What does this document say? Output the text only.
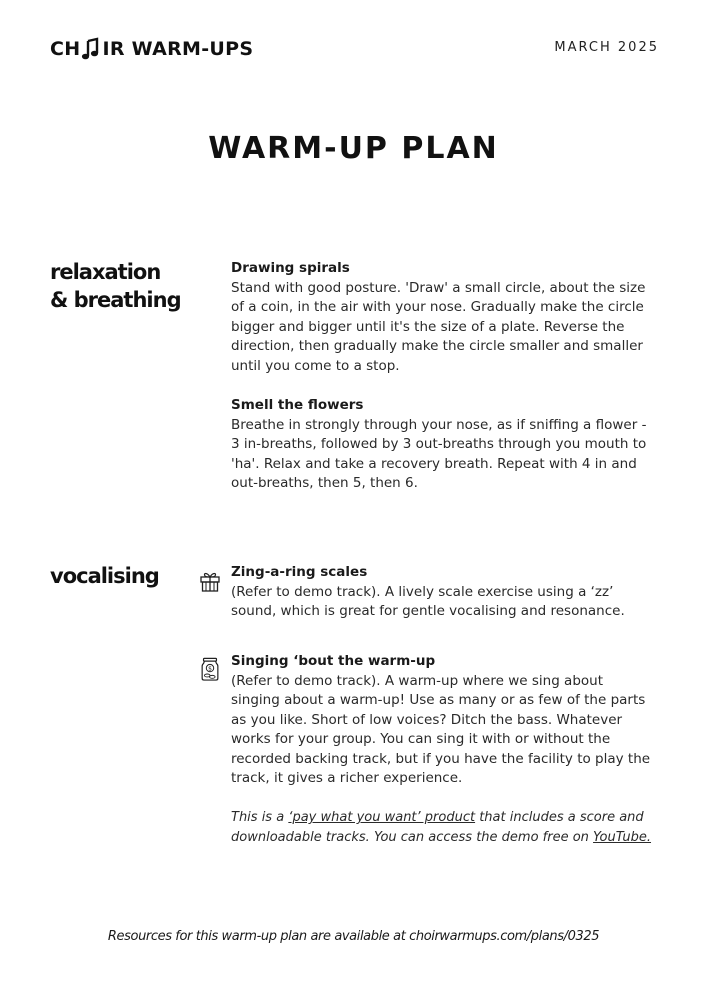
CH IR WARM-UPS	MARCH 2025
WARM-UP PLAN
relaxation
& breathing

Drawing spirals

Stand with good posture. 'Draw' a small circle, about the size of a coin, in the air with your nose. Gradually make the circle bigger and bigger until it's the size of a plate. Reverse the direction, then gradually make the circle smaller and smaller until you come to a stop.

Smell the flowers

Breathe in strongly through your nose, as if sniffing a flower - 3 in-breaths, followed by 3 out-breaths through you mouth to 'ha'. Relax and take a recovery breath. Repeat with 4 in and out-breaths, then 5, then 6.

vocalising	Zing-a-ring scales

(Refer to demo track). A lively scale exercise using a ‘zz’ sound, which is great for gentle vocalising and resonance.

$ Singing ‘bout the warm-up

(Refer to demo track). A warm-up where we sing about singing about a warm-up! Use as many or as few of the parts as you like. Short of low voices? Ditch the bass. Whatever works for your group. You can sing it with or without the recorded backing track, but if you have the facility to play the track, it gives a richer experience.

This is a ‘pay what you want’ product that includes a score and downloadable tracks. You can access the demo free on YouTube.

Resources for this warm-up plan are available at choirwarmups.com/plans/0325
